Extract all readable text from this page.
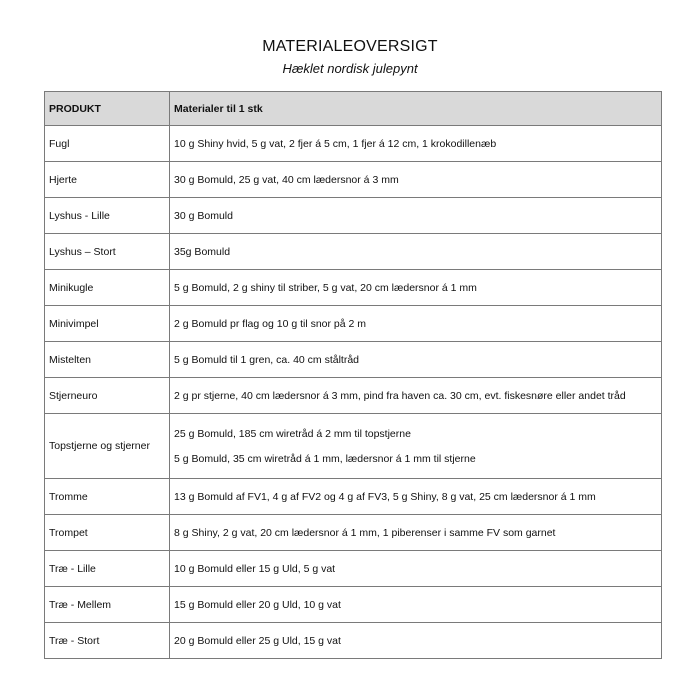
MATERIALEOVERSIGT
Hæklet nordisk julepynt
PRODUKT	Materialer til 1 stk
Fugl	10 g Shiny hvid, 5 g vat, 2 fjer á 5 cm, 1 fjer á 12 cm, 1 krokodillenæb

Hjerte	30 g Bomuld, 25 g vat, 40 cm lædersnor á 3 mm

Lyshus - Lille	30 g Bomuld

Lyshus – Stort	35g Bomuld

Minikugle	5 g Bomuld, 2 g shiny til striber, 5 g vat, 20 cm lædersnor á 1 mm

Minivimpel	2 g Bomuld pr flag og 10 g til snor på 2 m

Mistelten	5 g Bomuld til 1 gren, ca. 40 cm ståltråd

Stjerneuro	2 g pr stjerne, 40 cm lædersnor á 3 mm, pind fra haven ca. 30 cm, evt. fiskesnøre eller andet tråd

Topstjerne og stjerner	25 g Bomuld, 185 cm wiretråd á 2 mm til topstjerne
5 g Bomuld, 35 cm wiretråd á 1 mm, lædersnor á 1 mm til stjerne

Tromme	13 g Bomuld af FV1, 4 g af FV2 og 4 g af FV3, 5 g Shiny, 8 g vat, 25 cm lædersnor á 1 mm

Trompet	8 g Shiny, 2 g vat, 20 cm lædersnor á 1 mm, 1 piberenser i samme FV som garnet

Træ - Lille	10 g Bomuld eller 15 g Uld, 5 g vat

Træ - Mellem	15 g Bomuld eller 20 g Uld, 10 g vat

Træ - Stort	20 g Bomuld eller 25 g Uld, 15 g vat
